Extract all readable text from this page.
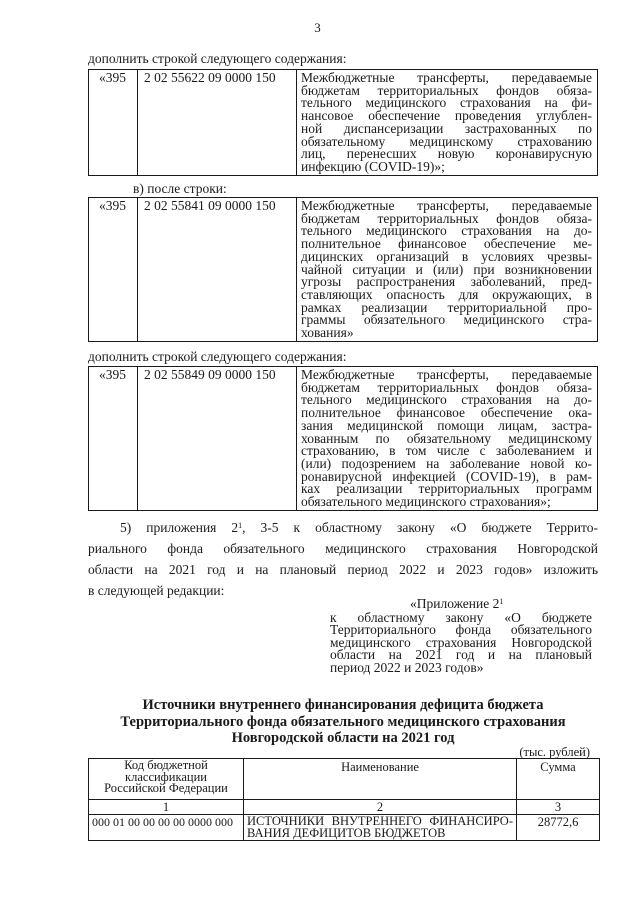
3
дополнить строкой следующего содержания:
«395	2 02 55622 09 0000 150	Межбюджетные трансферты, передаваемые
бюджетам территориальных фондов обяза-
тельного медицинского страхования на фи-
нансовое обеспечение проведения углублен-
ной диспансеризации застрахованных по
обязательному медицинскому страхованию
лиц, перенесших новую коронавирусную
инфекцию (COVID-19)»;
в) после строки:
«395	2 02 55841 09 0000 150	Межбюджетные трансферты, передаваемые
бюджетам территориальных фондов обяза-
тельного медицинского страхования на до-
полнительное финансовое обеспечение ме-
дицинских организаций в условиях чрезвы-
чайной ситуации и (или) при возникновении
угрозы распространения заболеваний, пред-
ставляющих опасность для окружающих, в
рамках реализации территориальной про-
граммы обязательного медицинского стра-
хования»
дополнить строкой следующего содержания:
«395	2 02 55849 09 0000 150	Межбюджетные трансферты, передаваемые
бюджетам территориальных фондов обяза-
тельного медицинского страхования на до-
полнительное финансовое обеспечение ока-
зания медицинской помощи лицам, застра-
хованным по обязательному медицинскому
страхованию, в том числе с заболеванием и
(или) подозрением на заболевание новой ко-
ронавирусной инфекцией (COVID-19), в рам-
ках реализации территориальных программ
обязательного медицинского страхования»;
5) приложения $2^1$, 3-5 к областному закону «О бюджете Террито-
риального фонда обязательного медицинского страхования Новгородской
области на 2021 год и на плановый период 2022 и 2023 годов» изложить
в следующей редакции:
«Приложение $2^1$
к областному закону «О бюджете
Территориального фонда обязательного
медицинского страхования Новгородской
области на 2021 год и на плановый
период 2022 и 2023 годов»
Источники внутреннего финансирования дефицита бюджета
Территориального фонда обязательного медицинского страхования
Новгородской области на 2021 год
(тыс. рублей)
Код бюджетной
классификации
Российской Федерации	Наименование	Сумма
1	2	3
000 01 00 00 00 00 0000 000	ИСТОЧНИКИ ВНУТРЕННЕГО ФИНАНСИРО-
ВАНИЯ ДЕФИЦИТОВ БЮДЖЕТОВ	28772,6
